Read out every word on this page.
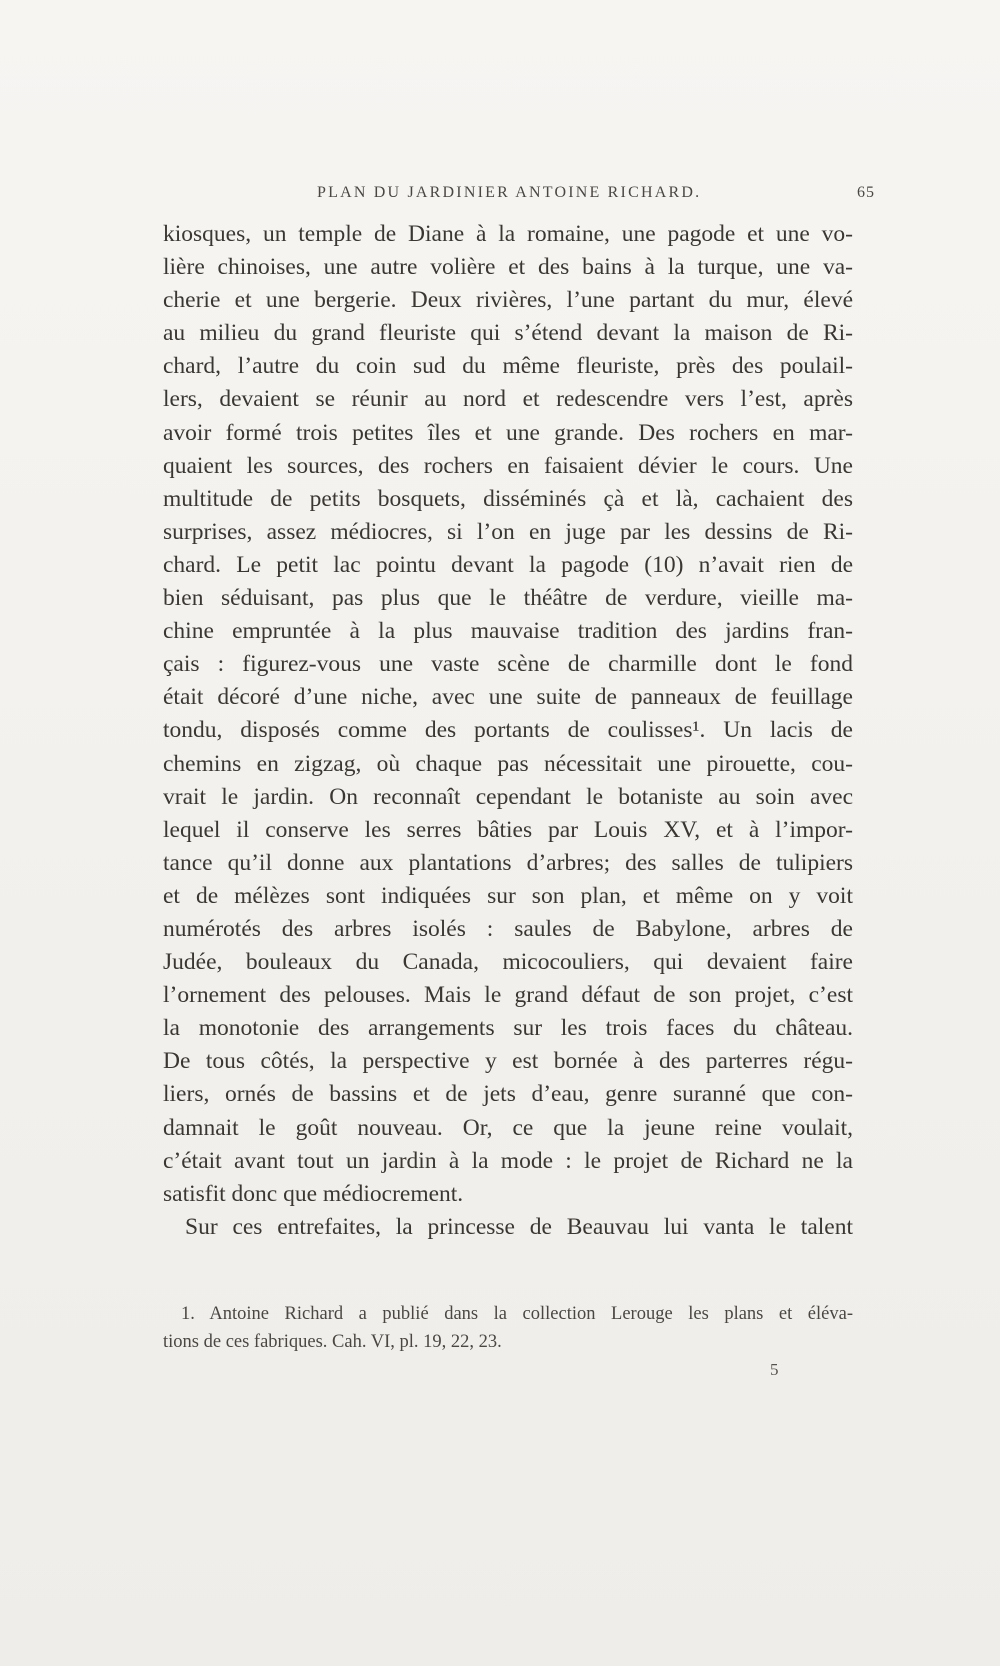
PLAN DU JARDINIER ANTOINE RICHARD.	65
kiosques, un temple de Diane à la romaine, une pagode et une vo-
lière chinoises, une autre volière et des bains à la turque, une va-
cherie et une bergerie. Deux rivières, l’une partant du mur, élevé
au milieu du grand fleuriste qui s’étend devant la maison de Ri-
chard, l’autre du coin sud du même fleuriste, près des poulail-
lers, devaient se réunir au nord et redescendre vers l’est, après
avoir formé trois petites îles et une grande. Des rochers en mar-
quaient les sources, des rochers en faisaient dévier le cours. Une
multitude de petits bosquets, disséminés çà et là, cachaient des
surprises, assez médiocres, si l’on en juge par les dessins de Ri-
chard. Le petit lac pointu devant la pagode (10) n’avait rien de
bien séduisant, pas plus que le théâtre de verdure, vieille ma-
chine empruntée à la plus mauvaise tradition des jardins fran-
çais : figurez-vous une vaste scène de charmille dont le fond
était décoré d’une niche, avec une suite de panneaux de feuillage
tondu, disposés comme des portants de coulisses¹. Un lacis de
chemins en zigzag, où chaque pas nécessitait une pirouette, cou-
vrait le jardin. On reconnaît cependant le botaniste au soin avec
lequel il conserve les serres bâties par Louis XV, et à l’impor-
tance qu’il donne aux plantations d’arbres; des salles de tulipiers
et de mélèzes sont indiquées sur son plan, et même on y voit
numérotés des arbres isolés : saules de Babylone, arbres de
Judée, bouleaux du Canada, micocouliers, qui devaient faire
l’ornement des pelouses. Mais le grand défaut de son projet, c’est
la monotonie des arrangements sur les trois faces du château.
De tous côtés, la perspective y est bornée à des parterres régu-
liers, ornés de bassins et de jets d’eau, genre suranné que con-
damnait le goût nouveau. Or, ce que la jeune reine voulait,
c’était avant tout un jardin à la mode : le projet de Richard ne la
satisfit donc que médiocrement.
Sur ces entrefaites, la princesse de Beauvau lui vanta le talent
1. Antoine Richard a publié dans la collection Lerouge les plans et éléva-
tions de ces fabriques. Cah. VI, pl. 19, 22, 23.
5
